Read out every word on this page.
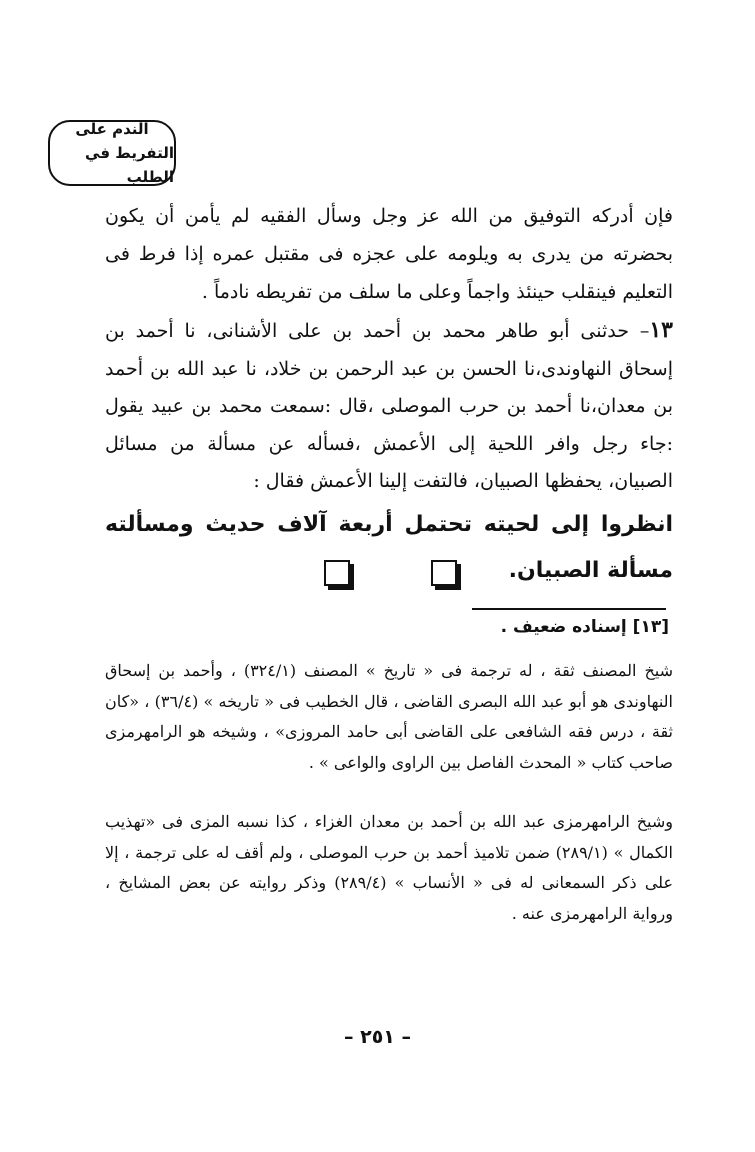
الندم على
التفريط في الطلب
فإن أدركه التوفيق من الله عز وجل وسأل الفقيه لم يأمن أن يكون بحضرته من يدرى به ويلومه على عجزه فى مقتبل عمره إذا فرط فى التعليم فينقلب حينئذ واجماً وعلى ما سلف من تفريطه نادماً .
١٣– حدثنى أبو طاهر محمد بن أحمد بن على الأشنانى، نا أحمد بن إسحاق النهاوندى،نا الحسن بن عبد الرحمن بن خلاد، نا عبد الله بن أحمد بن معدان،نا أحمد بن حرب الموصلى ،قال :سمعت محمد بن عبيد يقول :جاء رجل وافر اللحية إلى الأعمش ،فسأله عن مسألة من مسائل الصبيان، يحفظها الصبيان، فالتفت إلينا الأعمش فقال :
انظروا إلى لحيته تحتمل أربعة آلاف حديث ومسألته مسألة الصبيان.
[١٣] إسناده ضعيف .
شيخ المصنف ثقة ، له ترجمة فى « تاريخ » المصنف (٣٢٤/١) ، وأحمد بن إسحاق النهاوندى هو أبو عبد الله البصرى القاضى ، قال الخطيب فى « تاريخه » (٣٦/٤) ، «كان ثقة ، درس فقه الشافعى على القاضى أبى حامد المروزى» ، وشيخه هو الرامهرمزى صاحب كتاب « المحدث الفاصل بين الراوى والواعى » .
وشيخ الرامهرمزى عبد الله بن أحمد بن معدان الغزاء ، كذا نسبه المزى فى «تهذيب الكمال » (٢٨٩/١) ضمن تلاميذ أحمد بن حرب الموصلى ، ولم أقف له على ترجمة ، إلا على ذكر السمعانى له فى « الأنساب » (٢٨٩/٤) وذكر روايته عن بعض المشايخ ، ورواية الرامهرمزى عنه .
– ٢٥١ –
